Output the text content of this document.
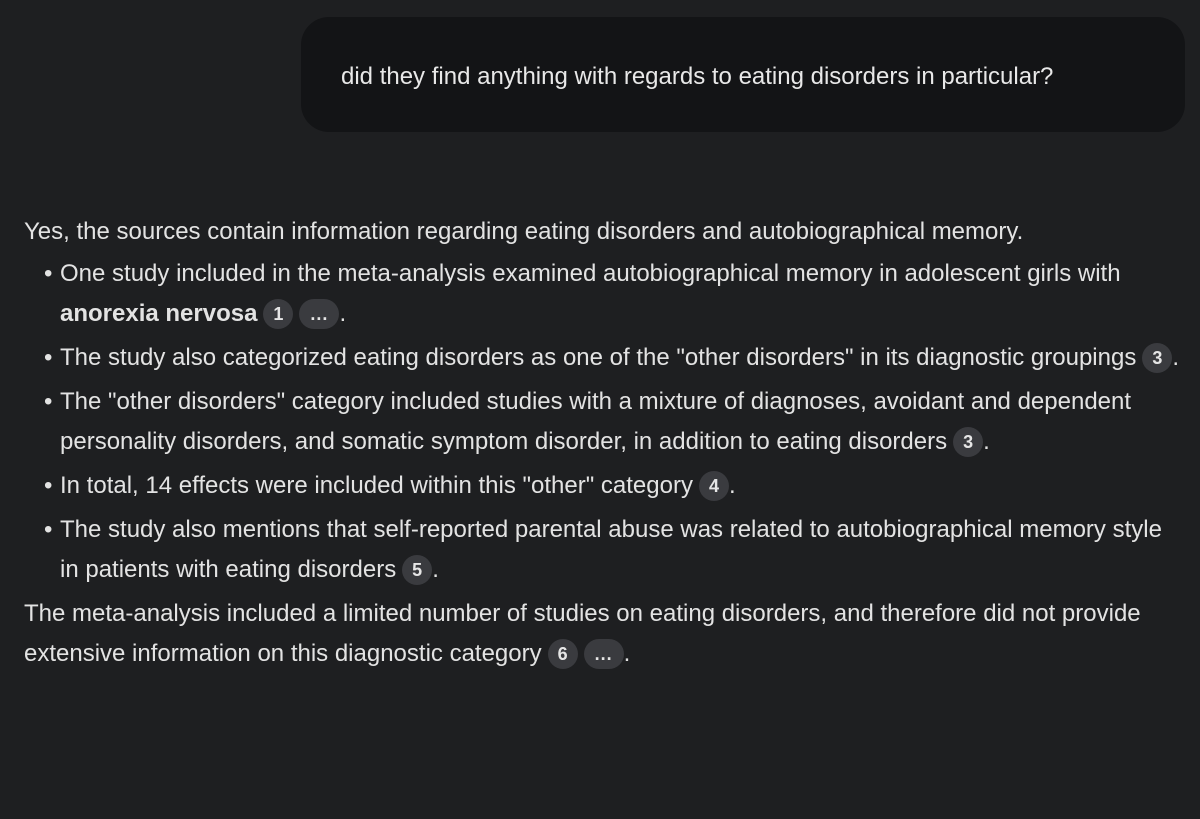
did they find anything with regards to eating disorders in particular?

Yes, the sources contain information regarding eating disorders and autobiographical memory.

• One study included in the meta-analysis examined autobiographical memory in adolescent girls with anorexia nervosa 1 ... .
• The study also categorized eating disorders as one of the "other disorders" in its diagnostic groupings 3 .
• The "other disorders" category included studies with a mixture of diagnoses, avoidant and dependent personality disorders, and somatic symptom disorder, in addition to eating disorders 3 .
• In total, 14 effects were included within this "other" category 4 .
• The study also mentions that self-reported parental abuse was related to autobiographical memory style in patients with eating disorders 5 .

The meta-analysis included a limited number of studies on eating disorders, and therefore did not provide extensive information on this diagnostic category 6 ... .
